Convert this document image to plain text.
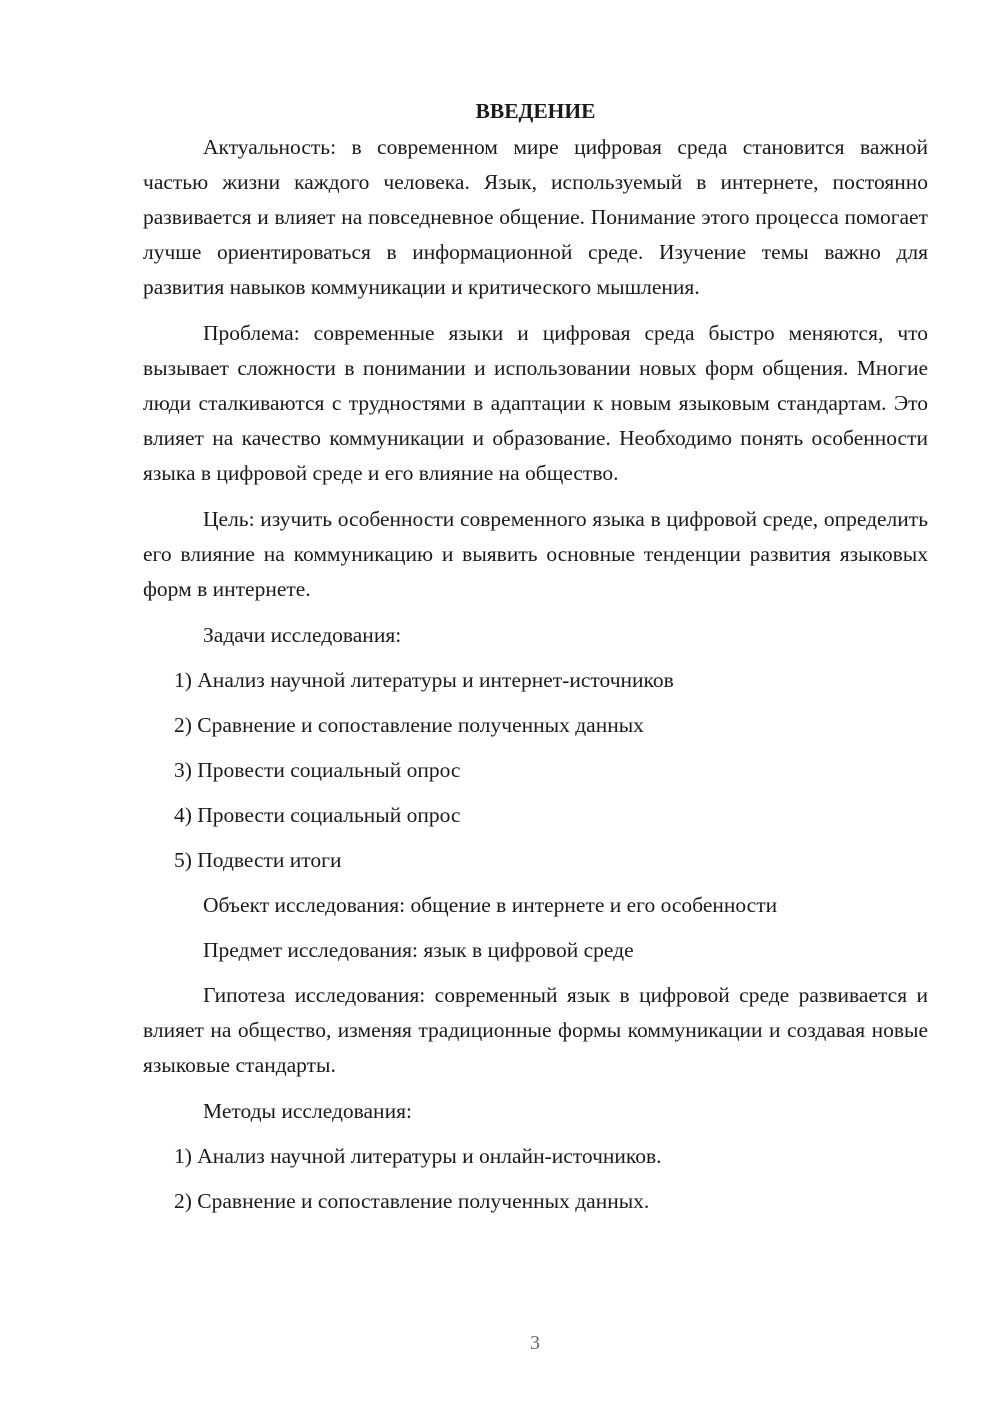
ВВЕДЕНИЕ
Актуальность: в современном мире цифровая среда становится важной частью жизни каждого человека. Язык, используемый в интернете, постоянно развивается и влияет на повседневное общение. Понимание этого процесса помогает лучше ориентироваться в информационной среде. Изучение темы важно для развития навыков коммуникации и критического мышления.
Проблема: современные языки и цифровая среда быстро меняются, что вызывает сложности в понимании и использовании новых форм общения. Многие люди сталкиваются с трудностями в адаптации к новым языковым стандартам. Это влияет на качество коммуникации и образование. Необходимо понять особенности языка в цифровой среде и его влияние на общество.
Цель: изучить особенности современного языка в цифровой среде, определить его влияние на коммуникацию и выявить основные тенденции развития языковых форм в интернете.
Задачи исследования:
1) Анализ научной литературы и интернет-источников
2) Сравнение и сопоставление полученных данных
3) Провести социальный опрос
4) Провести социальный опрос
5) Подвести итоги
Объект исследования: общение в интернете и его особенности
Предмет исследования: язык в цифровой среде
Гипотеза исследования: современный язык в цифровой среде развивается и влияет на общество, изменяя традиционные формы коммуникации и создавая новые языковые стандарты.
Методы исследования:
1) Анализ научной литературы и онлайн-источников.
2) Сравнение и сопоставление полученных данных.
3
